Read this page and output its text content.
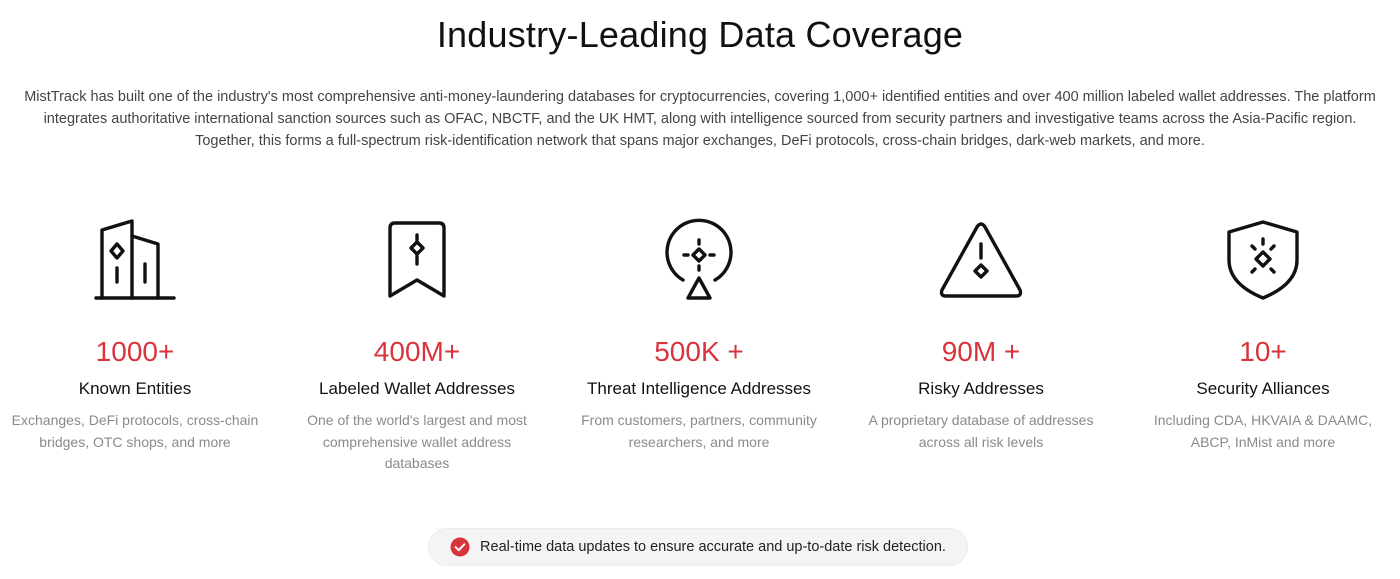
Industry-Leading Data Coverage

MistTrack has built one of the industry's most comprehensive anti-money-laundering databases for cryptocurrencies, covering 1,000+ identified entities and over 400 million labeled wallet addresses. The platform integrates authoritative international sanction sources such as OFAC, NBCTF, and the UK HMT, along with intelligence sourced from security partners and investigative teams across the Asia-Pacific region. Together, this forms a full-spectrum risk-identification network that spans major exchanges, DeFi protocols, cross-chain bridges, dark-web markets, and more.

1000+
Known Entities
Exchanges, DeFi protocols, cross-chain bridges, OTC shops, and more
400M+
Labeled Wallet Addresses
One of the world's largest and most comprehensive wallet address databases
500K +
Threat Intelligence Addresses
From customers, partners, community researchers, and more
90M +
Risky Addresses
A proprietary database of addresses across all risk levels
10+
Security Alliances
Including CDA, HKVAIA & DAAMC, ABCP, InMist and more
Real-time data updates to ensure accurate and up-to-date risk detection.
